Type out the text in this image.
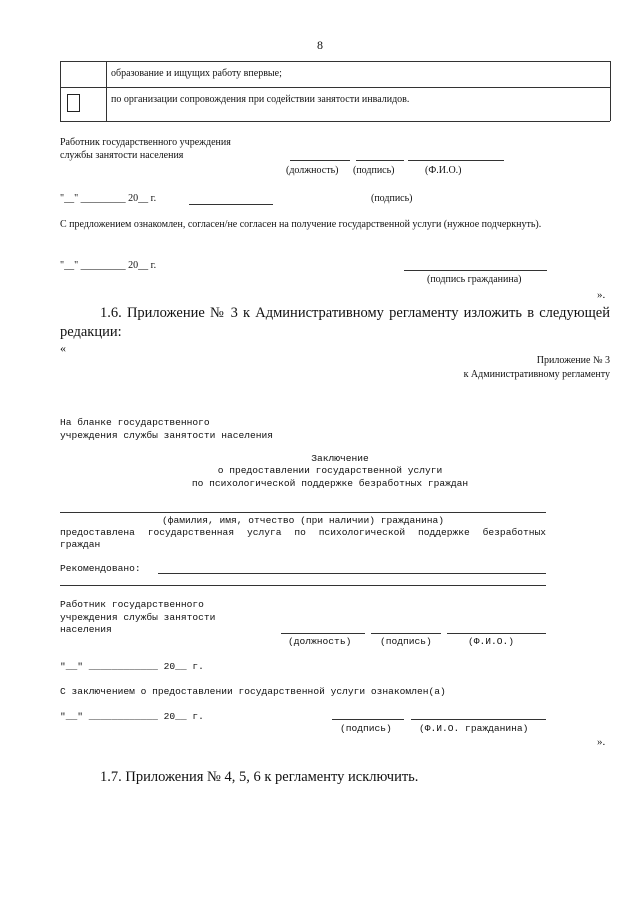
8
образование и ищущих работу впервые;
по организации сопровождения при содействии занятости инвалидов.
Работник государственного учреждения
службы занятости населения
(должность) (подпись)	(Ф.И.О.)
"__" _________ 20__ г.	(подпись)
С предложением ознакомлен, согласен/не согласен на получение государственной услуги (нужное подчеркнуть).
"__" _________ 20__ г.
(подпись гражданина)
».
1.6. Приложение № 3 к Административному регламенту изложить в следующей редакции:
«
Приложение № 3
к Административному регламенту
На бланке государственного
учреждения службы занятости населения
Заключение
о предоставлении государственной услуги
по психологической поддержке безработных граждан
(фамилия, имя, отчество (при наличии) гражданина)
предоставлена государственная услуга по психологической поддержке безработных граждан
Рекомендовано:
Работник государственного
учреждения службы занятости
населения
(должность)	(подпись)	(Ф.И.О.)
"__" ____________ 20__ г.
С заключением о предоставлении государственной услуги ознакомлен(а)
"__" ____________ 20__ г.
(подпись)	(Ф.И.О. гражданина)
».
1.7. Приложения № 4, 5, 6 к регламенту исключить.
